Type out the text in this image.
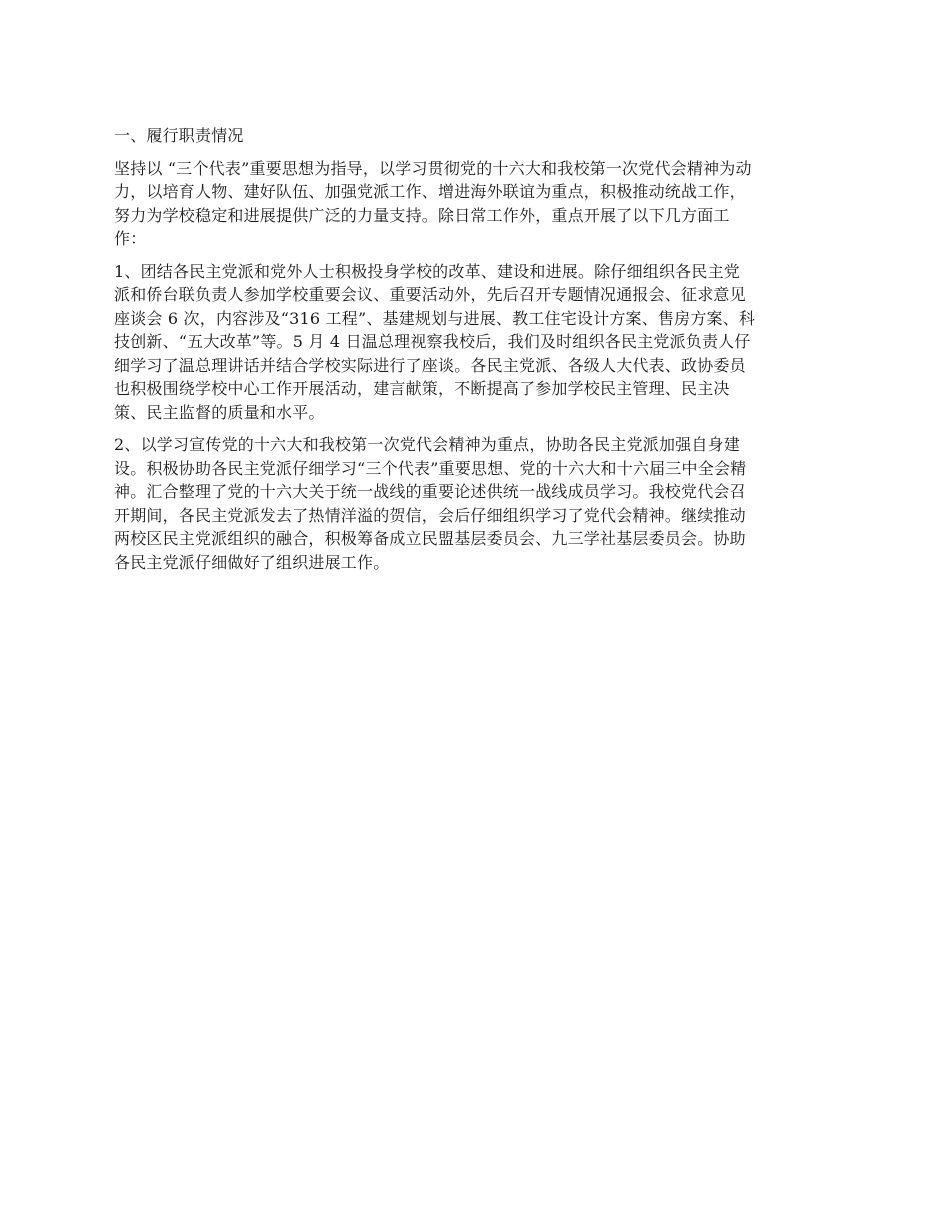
一、履行职责情况
坚持以 “三个代表”重要思想为指导，以学习贯彻党的十六大和我校第一次党代会精神为动
力，以培育人物、建好队伍、加强党派工作、增进海外联谊为重点，积极推动统战工作，
努力为学校稳定和进展提供广泛的力量支持。除日常工作外，重点开展了以下几方面工
作：
1、团结各民主党派和党外人士积极投身学校的改革、建设和进展。除仔细组织各民主党
派和侨台联负责人参加学校重要会议、重要活动外，先后召开专题情况通报会、征求意见
座谈会 6 次，内容涉及“316 工程”、基建规划与进展、教工住宅设计方案、售房方案、科
技创新、“五大改革”等。5 月 4 日温总理视察我校后，我们及时组织各民主党派负责人仔
细学习了温总理讲话并结合学校实际进行了座谈。各民主党派、各级人大代表、政协委员
也积极围绕学校中心工作开展活动，建言献策，不断提高了参加学校民主管理、民主决
策、民主监督的质量和水平。
2、以学习宣传党的十六大和我校第一次党代会精神为重点，协助各民主党派加强自身建
设。积极协助各民主党派仔细学习“三个代表”重要思想、党的十六大和十六届三中全会精
神。汇合整理了党的十六大关于统一战线的重要论述供统一战线成员学习。我校党代会召
开期间，各民主党派发去了热情洋溢的贺信，会后仔细组织学习了党代会精神。继续推动
两校区民主党派组织的融合，积极筹备成立民盟基层委员会、九三学社基层委员会。协助
各民主党派仔细做好了组织进展工作。
